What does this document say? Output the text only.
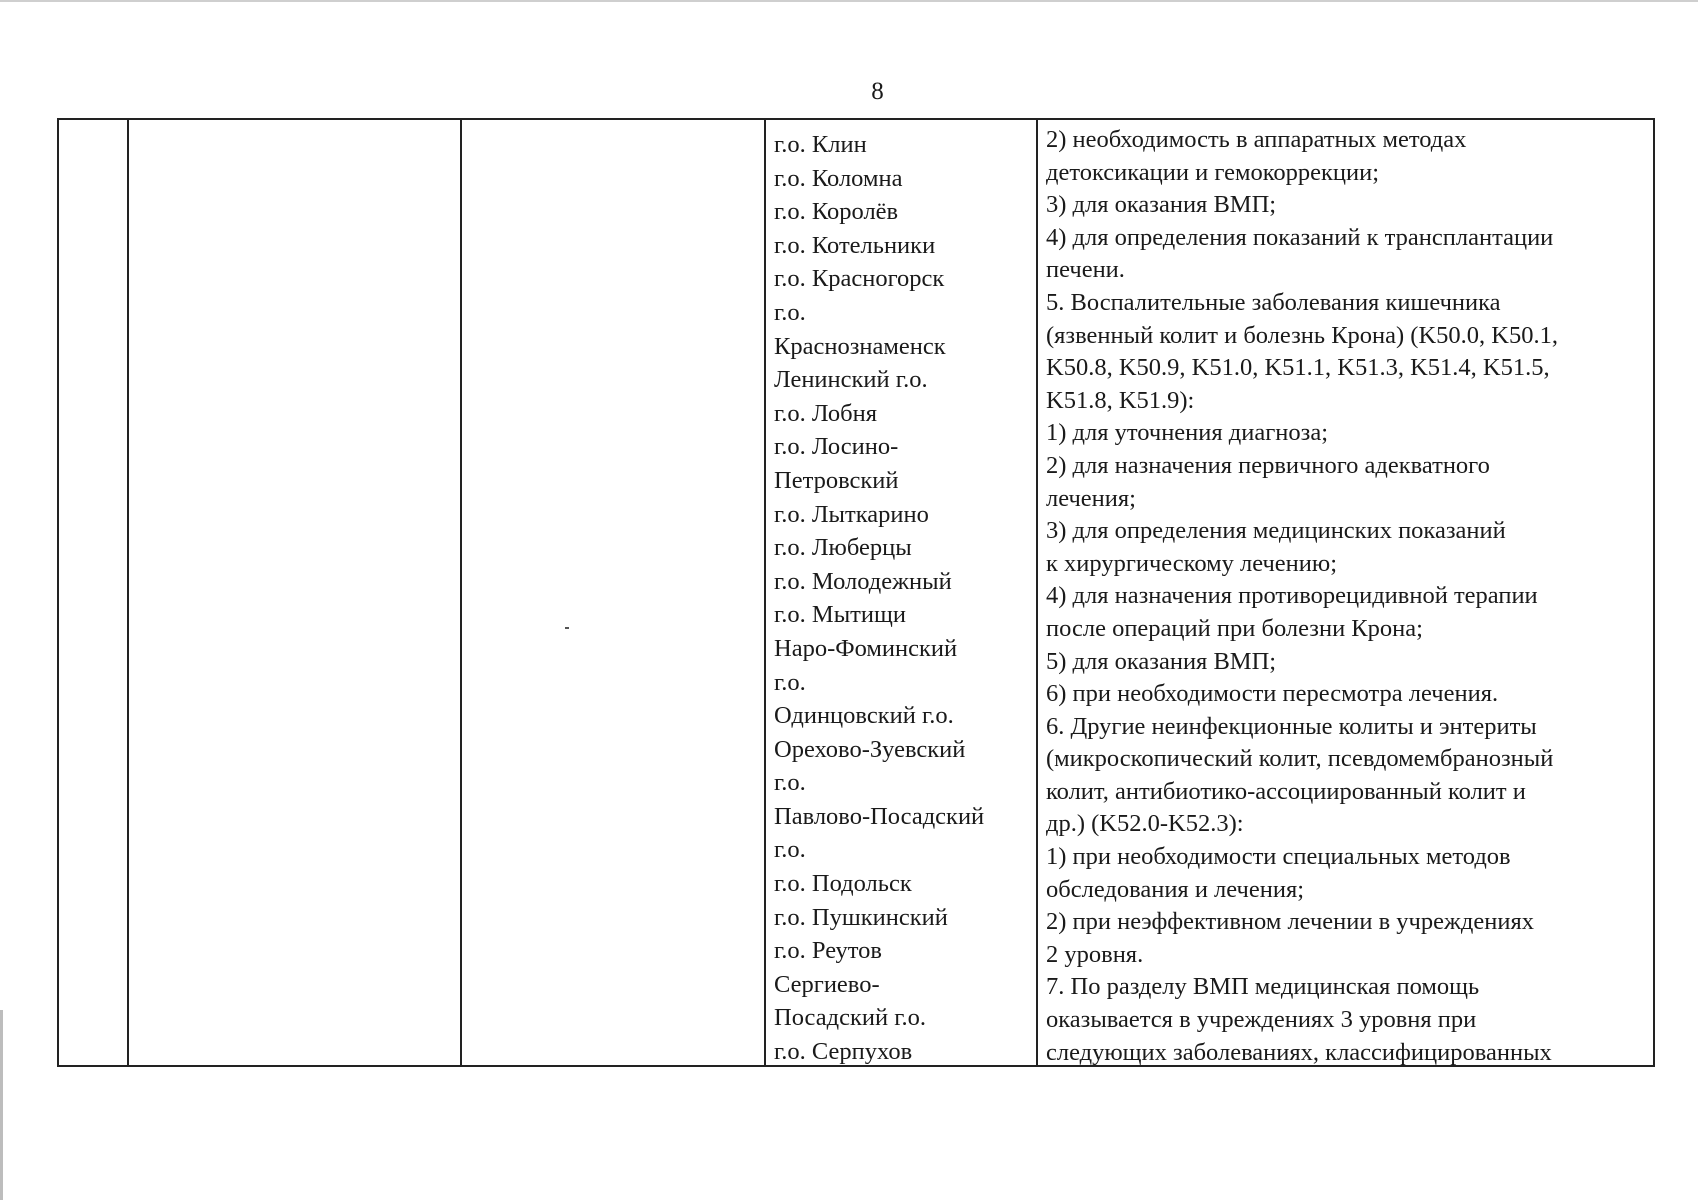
8
г.о. Клин
г.о. Коломна
г.о. Королёв
г.о. Котельники
г.о. Красногорск
г.о.
Краснознаменск
Ленинский г.о.
г.о. Лобня
г.о. Лосино-
Петровский
г.о. Лыткарино
г.о. Люберцы
г.о. Молодежный
г.о. Мытищи
Наро-Фоминский
г.о.
Одинцовский г.о.
Орехово-Зуевский
г.о.
Павлово-Посадский
г.о.
г.о. Подольск
г.о. Пушкинский
г.о. Реутов
Сергиево-
Посадский г.о.
г.о. Серпухов
2) необходимость в аппаратных методах
детоксикации и гемокоррекции;
3) для оказания ВМП;
4) для определения показаний к трансплантации
печени.
5. Воспалительные заболевания кишечника
(язвенный колит и болезнь Крона) (K50.0, K50.1,
K50.8, K50.9, K51.0, K51.1, K51.3, K51.4, K51.5,
K51.8, K51.9):
1) для уточнения диагноза;
2) для назначения первичного адекватного
лечения;
3) для определения медицинских показаний
к хирургическому лечению;
4) для назначения противорецидивной терапии
после операций при болезни Крона;
5) для оказания ВМП;
6) при необходимости пересмотра лечения.
6. Другие неинфекционные колиты и энтериты
(микроскопический колит, псевдомембранозный
колит, антибиотико-ассоциированный колит и
др.) (K52.0-K52.3):
1) при необходимости специальных методов
обследования и лечения;
2) при неэффективном лечении в учреждениях
2 уровня.
7. По разделу ВМП медицинская помощь
оказывается в учреждениях 3 уровня при
следующих заболеваниях, классифицированных
